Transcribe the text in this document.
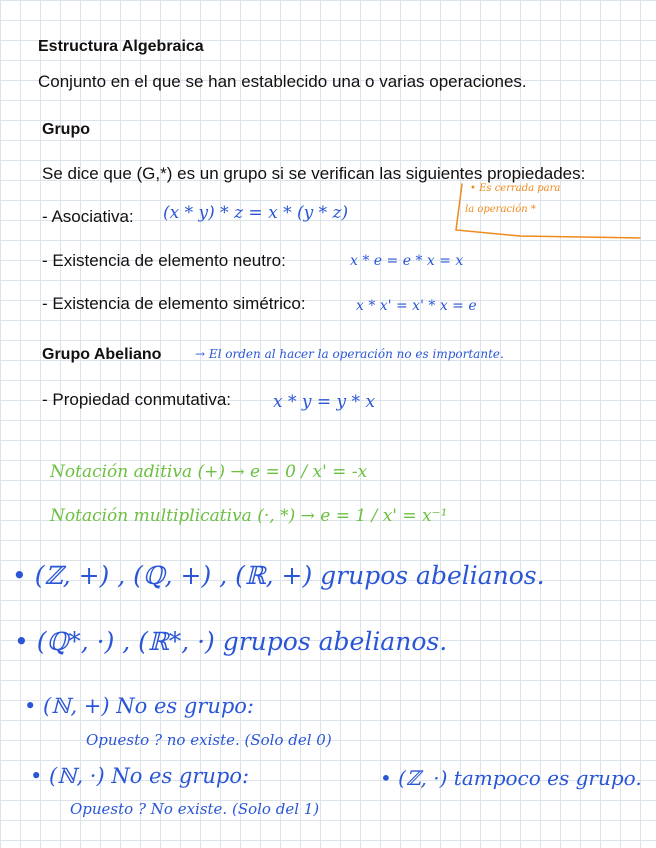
Estructura Algebraica
Conjunto en el que se han establecido una o varias operaciones.
Grupo
Se dice que (G,*) es un grupo si se verifican las siguientes propiedades:
- Asociativa: (x * y) * z = x * (y * z)
- Existencia de elemento neutro:	x * e = e * x = x
- Existencia de elemento simétrico:	x * x' = x' * x = e
• Es cerrada para
la operación *
Grupo Abeliano	→ El orden al hacer la operación no es importante.
- Propiedad conmutativa: x * y = y * x
Notación aditiva (+) → e = 0 / x' = -x
Notación multiplicativa (·, *) → e = 1 / x' = x⁻¹
• (ℤ, +) , (ℚ, +) , (ℝ, +) grupos abelianos.
• (ℚ*, ·) , (ℝ*, ·) grupos abelianos.
• (ℕ, +) No es grupo:
Opuesto ? no existe. (Solo del 0)
• (ℕ, ·) No es grupo:
Opuesto ? No existe. (Solo del 1)
• (ℤ, ·) tampoco es grupo.
